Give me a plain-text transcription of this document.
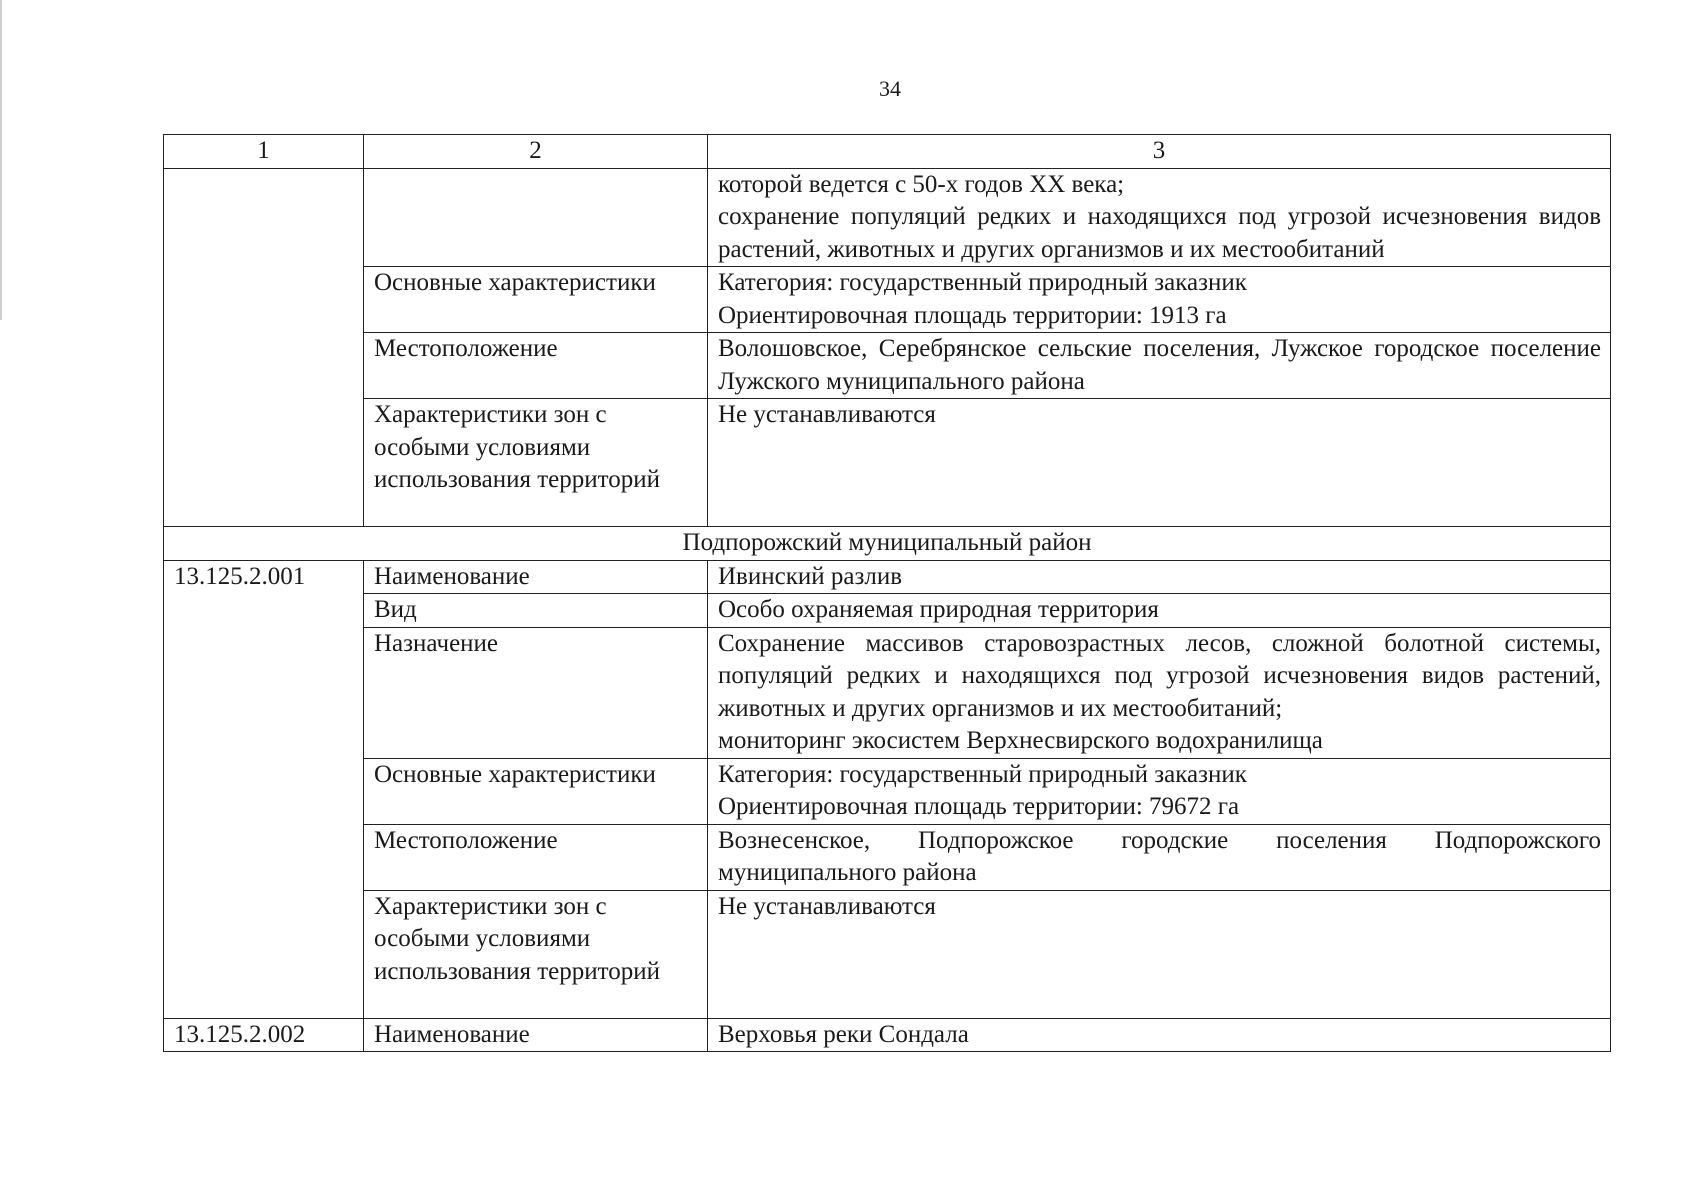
34
1	2	3

		которой ведется с 50-х годов XX века;
сохранение популяций редких и находящихся под угрозой исчезновения видов растений, животных и других организмов и их местообитаний

	Основные характеристики	Категория: государственный природный заказник
Ориентировочная площадь территории: 1913 га

	Местоположение	Волошовское, Серебрянское сельские поселения, Лужское городское поселение Лужского муниципального района
	Характеристики зон с особыми условиями использования территорий	Не устанавливаются
Подпорожский муниципальный район		
13.125.2.001	Наименование	Ивинский разлив
	Вид	Особо охраняемая природная территория
	Назначение	Сохранение массивов старовозрастных лесов, сложной болотной системы, популяций редких и находящихся под угрозой исчезновения видов растений, животных и других организмов и их местообитаний;
мониторинг экосистем Верхнесвирского водохранилища

	Основные характеристики	Категория: государственный природный заказник
Ориентировочная площадь территории: 79672 га

	Местоположение	Вознесенское, Подпорожское городские поселения Подпорожского муниципального района
	Характеристики зон с особыми условиями использования территорий	Не устанавливаются
13.125.2.002	Наименование	Верховья реки Сондала
